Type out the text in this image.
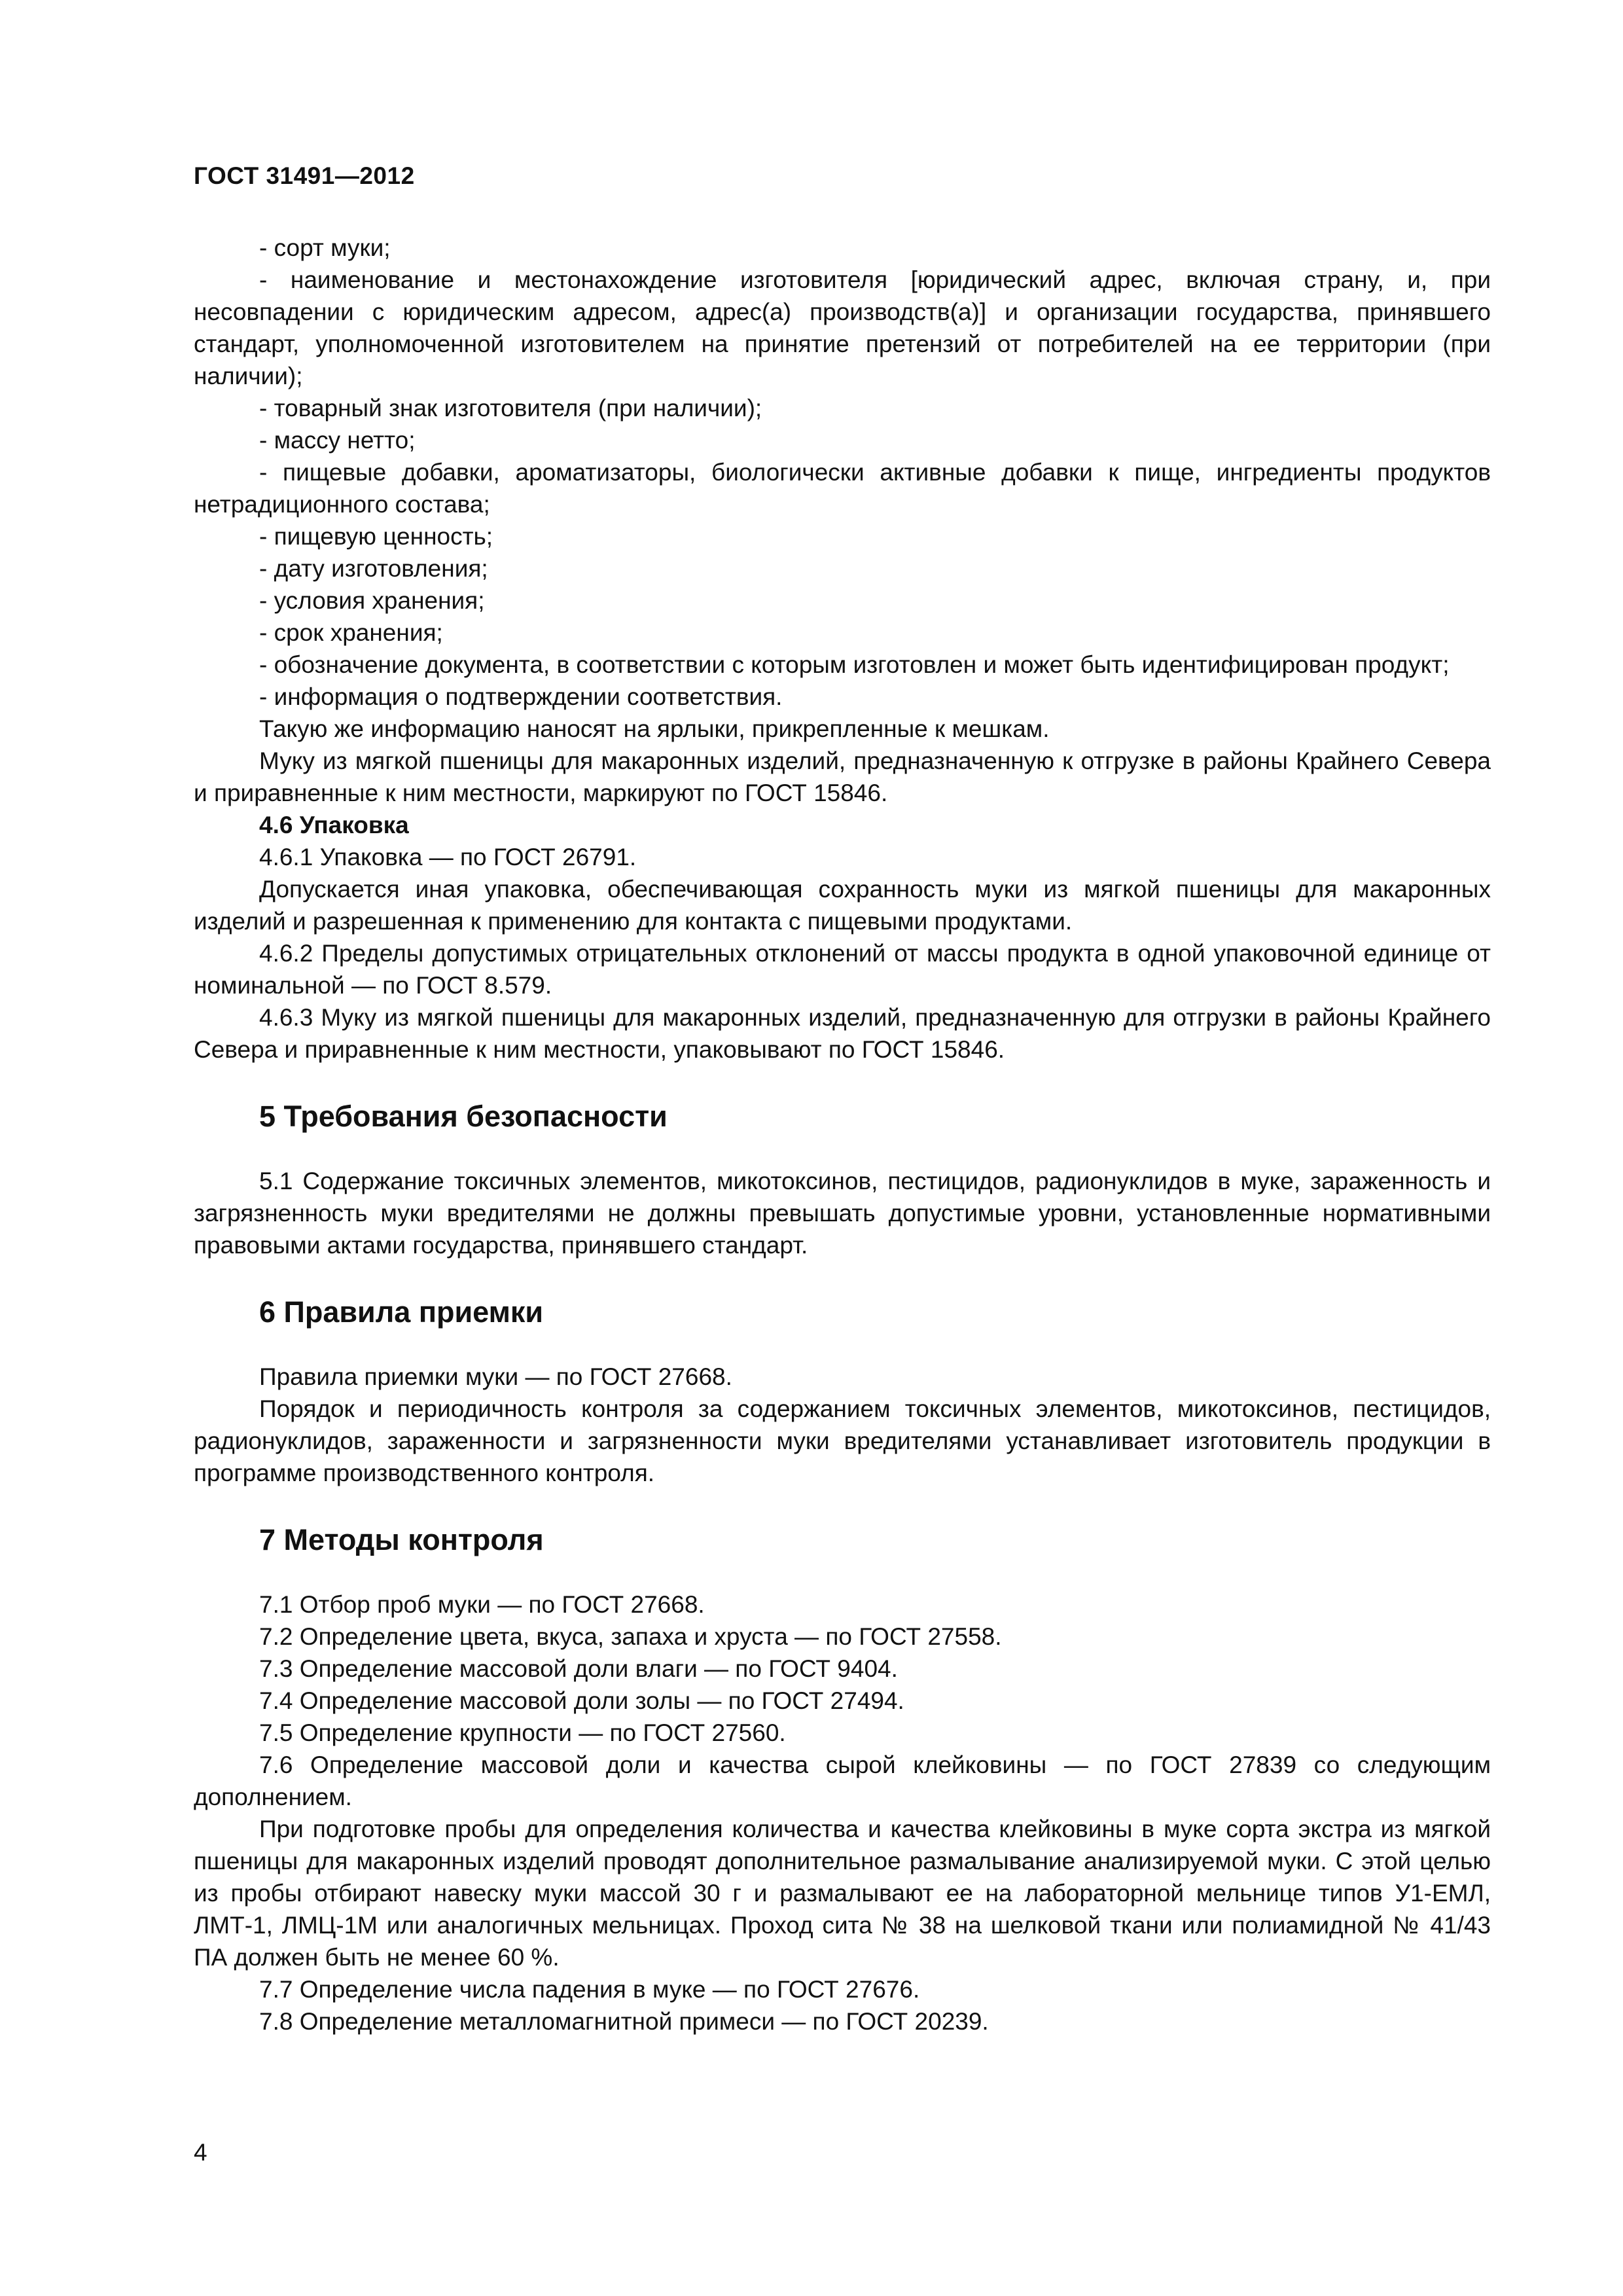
ГОСТ 31491—2012

- сорт муки;

- наименование и местонахождение изготовителя [юридический адрес, включая страну, и, при несовпадении с юридическим адресом, адрес(а) производств(а)] и организации государства, принявшего стандарт, уполномоченной изготовителем на принятие претензий от потребителей на ее территории (при наличии);

- товарный знак изготовителя (при наличии);

- массу нетто;

- пищевые добавки, ароматизаторы, биологически активные добавки к пище, ингредиенты продуктов нетрадиционного состава;

- пищевую ценность;

- дату изготовления;

- условия хранения;

- срок хранения;

- обозначение документа, в соответствии с которым изготовлен и может быть идентифицирован продукт;

- информация о подтверждении соответствия.

Такую же информацию наносят на ярлыки, прикрепленные к мешкам.

Муку из мягкой пшеницы для макаронных изделий, предназначенную к отгрузке в районы Крайнего Севера и приравненные к ним местности, маркируют по ГОСТ 15846.

4.6 Упаковка

4.6.1 Упаковка — по ГОСТ 26791.

Допускается иная упаковка, обеспечивающая сохранность муки из мягкой пшеницы для макаронных изделий и разрешенная к применению для контакта с пищевыми продуктами.

4.6.2 Пределы допустимых отрицательных отклонений от массы продукта в одной упаковочной единице от номинальной — по ГОСТ 8.579.

4.6.3 Муку из мягкой пшеницы для макаронных изделий, предназначенную для отгрузки в районы Крайнего Севера и приравненные к ним местности, упаковывают по ГОСТ 15846.

5 Требования безопасности

5.1 Содержание токсичных элементов, микотоксинов, пестицидов, радионуклидов в муке, зараженность и загрязненность муки вредителями не должны превышать допустимые уровни, установленные нормативными правовыми актами государства, принявшего стандарт.

6 Правила приемки

Правила приемки муки — по ГОСТ 27668.

Порядок и периодичность контроля за содержанием токсичных элементов, микотоксинов, пестицидов, радионуклидов, зараженности и загрязненности муки вредителями устанавливает изготовитель продукции в программе производственного контроля.

7 Методы контроля

7.1 Отбор проб муки — по ГОСТ 27668.

7.2 Определение цвета, вкуса, запаха и хруста — по ГОСТ 27558.

7.3 Определение массовой доли влаги — по ГОСТ 9404.

7.4 Определение массовой доли золы — по ГОСТ 27494.

7.5 Определение крупности — по ГОСТ 27560.

7.6 Определение массовой доли и качества сырой клейковины — по ГОСТ 27839 со следующим дополнением.

При подготовке пробы для определения количества и качества клейковины в муке сорта экстра из мягкой пшеницы для макаронных изделий проводят дополнительное размалывание анализируемой муки. С этой целью из пробы отбирают навеску муки массой 30 г и размалывают ее на лабораторной мельнице типов У1-ЕМЛ, ЛМТ-1, ЛМЦ-1М или аналогичных мельницах. Проход сита № 38 на шелковой ткани или полиамидной № 41/43 ПА должен быть не менее 60 %.

7.7 Определение числа падения в муке — по ГОСТ 27676.

7.8 Определение металломагнитной примеси — по ГОСТ 20239.

4
